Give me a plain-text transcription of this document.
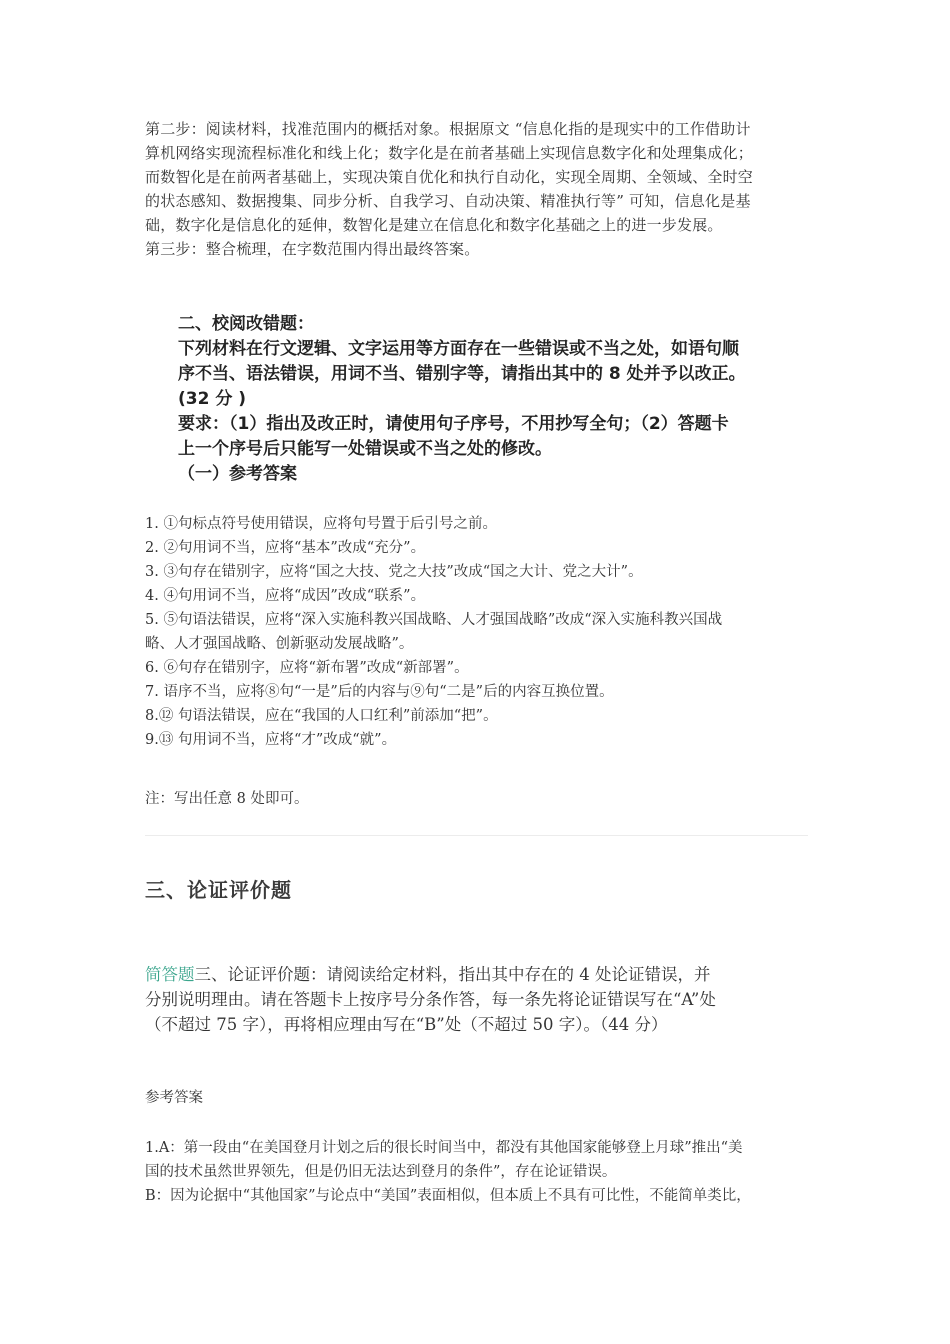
第二步：阅读材料，找准范围内的概括对象。根据原文 “信息化指的是现实中的工作借助计

算机网络实现流程标准化和线上化；数字化是在前者基础上实现信息数字化和处理集成化；

而数智化是在前两者基础上，实现决策自优化和执行自动化，实现全周期、全领域、全时空

的状态感知、数据搜集、同步分析、自我学习、自动决策、精准执行等” 可知，信息化是基

础，数字化是信息化的延伸，数智化是建立在信息化和数字化基础之上的进一步发展。

第三步：整合梳理，在字数范围内得出最终答案。

二、校阅改错题：
下列材料在行文逻辑、文字运用等方面存在一些错误或不当之处，如语句顺
序不当、语法错误，用词不当、错别字等，请指出其中的 8 处并予以改正。
(32 分 )
要求：（1）指出及改正时，请使用句子序号，不用抄写全句；（2）答题卡
上一个序号后只能写一处错误或不当之处的修改。
（一）参考答案
1. ①句标点符号使用错误，应将句号置于后引号之前。
2. ②句用词不当，应将“基本”改成“充分”。
3. ③句存在错别字，应将“国之大技、党之大技”改成“国之大计、党之大计”。
4. ④句用词不当，应将“成因”改成“联系”。
5. ⑤句语法错误，应将“深入实施科教兴国战略、人才强国战略”改成“深入实施科教兴国战
略、人才强国战略、创新驱动发展战略”。
6. ⑥句存在错别字，应将“新布署”改成“新部署”。
7. 语序不当，应将⑧句“一是”后的内容与⑨句“二是”后的内容互换位置。
8.⑫ 句语法错误，应在“我国的人口红利”前添加“把”。
9.⑬ 句用词不当，应将“才”改成“就”。
注：写出任意 8 处即可。
三、论证评价题
简答题三、论证评价题：请阅读给定材料，指出其中存在的 4 处论证错误，并
分别说明理由。请在答题卡上按序号分条作答，每一条先将论证错误写在“A”处
（不超过 75 字），再将相应理由写在“B”处（不超过 50 字）。（44 分）
参考答案
1.A：第一段由“在美国登月计划之后的很长时间当中，都没有其他国家能够登上月球”推出“美
国的技术虽然世界领先，但是仍旧无法达到登月的条件”，存在论证错误。
B：因为论据中“其他国家”与论点中“美国”表面相似，但本质上不具有可比性，不能简单类比，
